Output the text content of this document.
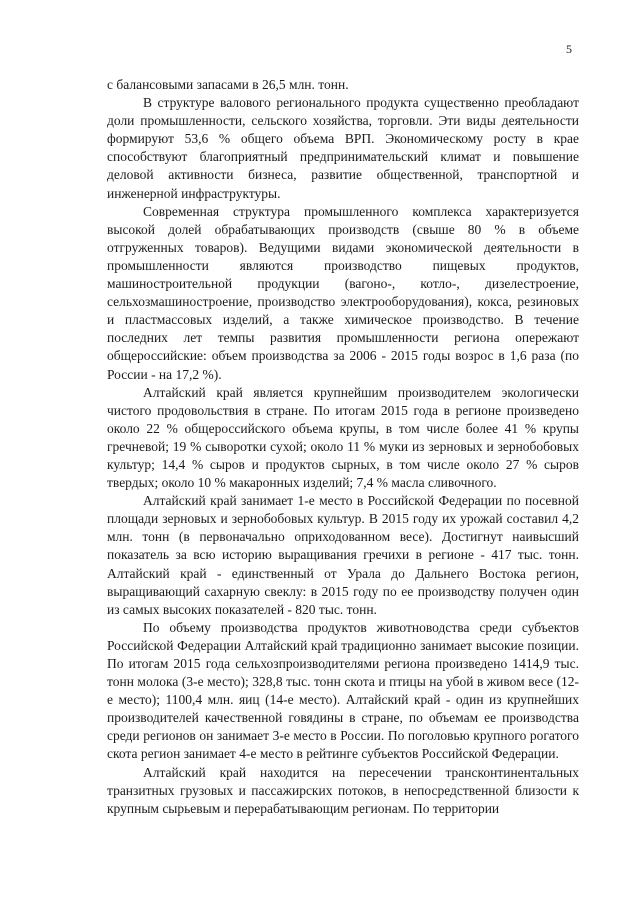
5

с балансовыми запасами в 26,5 млн. тонн.

В структуре валового регионального продукта существенно преобладают доли промышленности, сельского хозяйства, торговли. Эти виды деятельности формируют 53,6 % общего объема ВРП. Экономическому росту в крае способствуют благоприятный предпринимательский климат и повышение деловой активности бизнеса, развитие общественной, транспортной и инженерной инфраструктуры.

Современная структура промышленного комплекса характеризуется высокой долей обрабатывающих производств (свыше 80 % в объеме отгруженных товаров). Ведущими видами экономической деятельности в промышленности являются производство пищевых продуктов, машиностроительной продукции (вагоно-, котло-, дизелестроение, сельхозмашиностроение, производство электрооборудования), кокса, резиновых и пластмассовых изделий, а также химическое производство. В течение последних лет темпы развития промышленности региона опережают общероссийские: объем производства за 2006 - 2015 годы возрос в 1,6 раза (по России - на 17,2 %).

Алтайский край является крупнейшим производителем экологически чистого продовольствия в стране. По итогам 2015 года в регионе произведено около 22 % общероссийского объема крупы, в том числе более 41 % крупы гречневой; 19 % сыворотки сухой; около 11 % муки из зерновых и зернобобовых культур; 14,4 % сыров и продуктов сырных, в том числе около 27 % сыров твердых; около 10 % макаронных изделий; 7,4 % масла сливочного.

Алтайский край занимает 1-е место в Российской Федерации по посевной площади зерновых и зернобобовых культур. В 2015 году их урожай составил 4,2 млн. тонн (в первоначально оприходованном весе). Достигнут наивысший показатель за всю историю выращивания гречихи в регионе - 417 тыс. тонн. Алтайский край - единственный от Урала до Дальнего Востока регион, выращивающий сахарную свеклу: в 2015 году по ее производству получен один из самых высоких показателей - 820 тыс. тонн.

По объему производства продуктов животноводства среди субъектов Российской Федерации Алтайский край традиционно занимает высокие позиции. По итогам 2015 года сельхозпроизводителями региона произведено 1414,9 тыс. тонн молока (3-е место); 328,8 тыс. тонн скота и птицы на убой в живом весе (12-е место); 1100,4 млн. яиц (14-е место). Алтайский край - один из крупнейших производителей качественной говядины в стране, по объемам ее производства среди регионов он занимает 3-е место в России. По поголовью крупного рогатого скота регион занимает 4-е место в рейтинге субъектов Российской Федерации.

Алтайский край находится на пересечении трансконтинентальных транзитных грузовых и пассажирских потоков, в непосредственной близости к крупным сырьевым и перерабатывающим регионам. По территории
